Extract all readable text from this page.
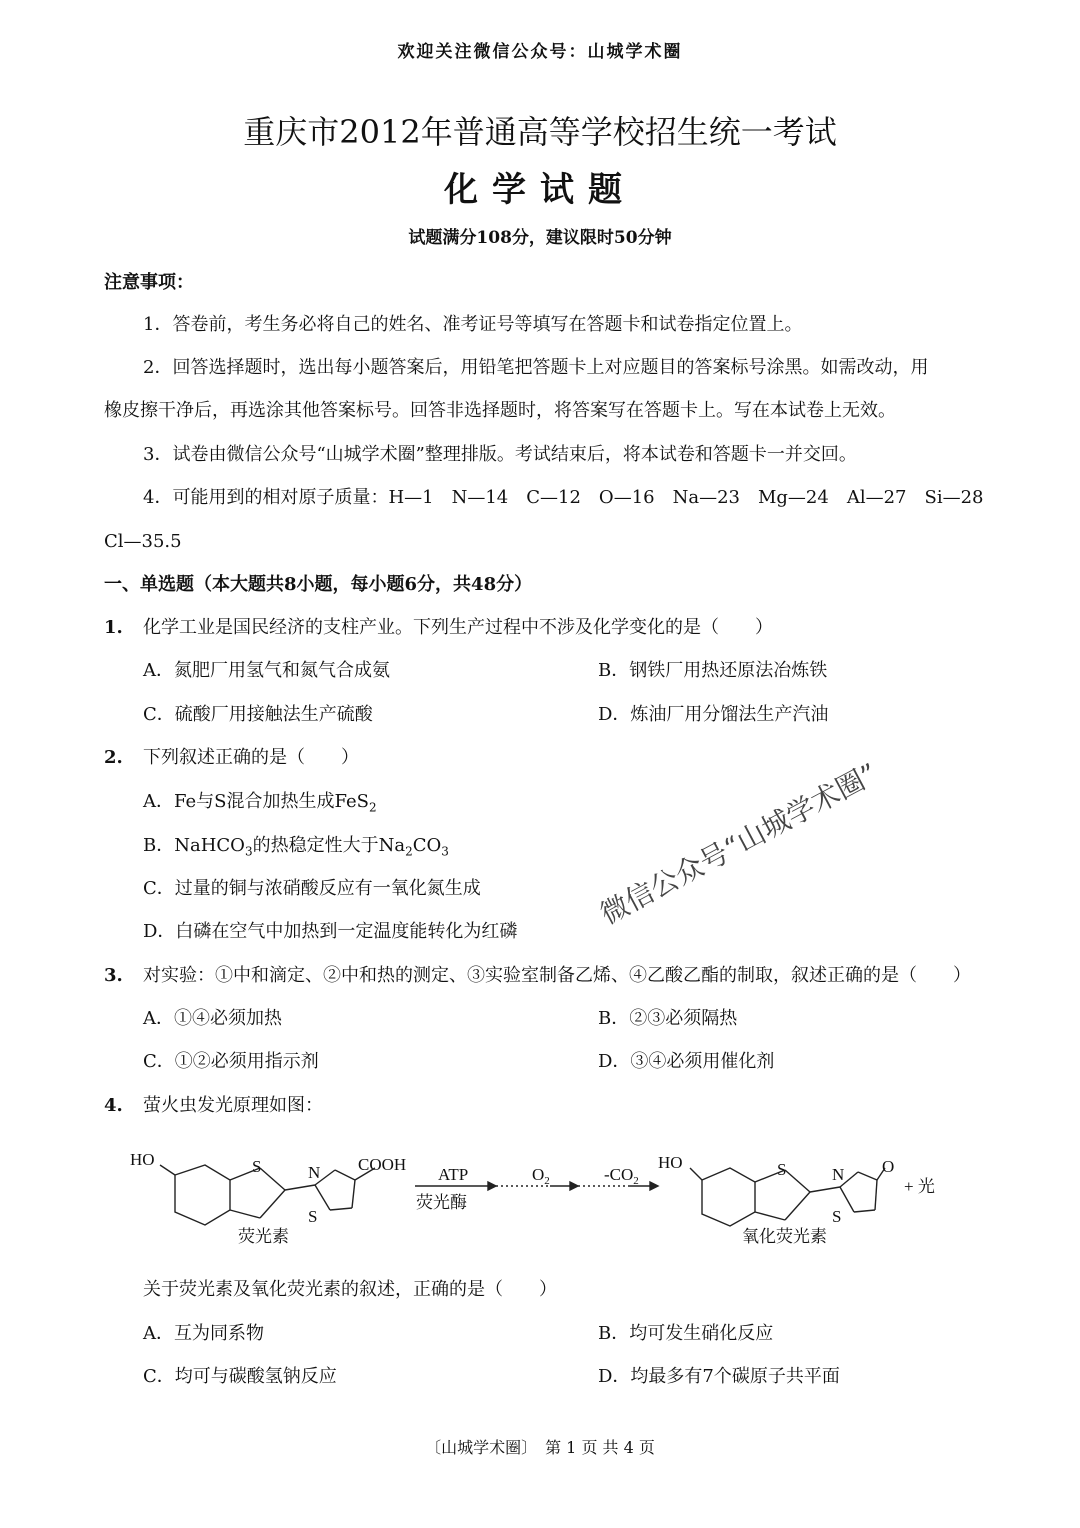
欢迎关注微信公众号：山城学术圈
重庆市2012年普通高等学校招生统一考试
化学试题
试题满分108分，建议限时50分钟
注意事项：
1．答卷前，考生务必将自己的姓名、准考证号等填写在答题卡和试卷指定位置上。
2．回答选择题时，选出每小题答案后，用铅笔把答题卡上对应题目的答案标号涂黑。如需改动，用
橡皮擦干净后，再选涂其他答案标号。回答非选择题时，将答案写在答题卡上。写在本试卷上无效。
3．试卷由微信公众号“山城学术圈”整理排版。考试结束后，将本试卷和答题卡一并交回。
4．可能用到的相对原子质量：H—1　N—14　C—12　O—16　Na—23　Mg—24　Al—27　Si—28
Cl—35.5
一、单选题（本大题共8小题，每小题6分，共48分）
1. 化学工业是国民经济的支柱产业。下列生产过程中不涉及化学变化的是（　　）
A．氮肥厂用氢气和氮气合成氨	B．钢铁厂用热还原法冶炼铁
C．硫酸厂用接触法生产硫酸	D．炼油厂用分馏法生产汽油
2. 下列叙述正确的是（　　）
A．Fe与S混合加热生成FeS$_2$
B．NaHCO$_3$的热稳定性大于$Na_2CO_3$
C．过量的铜与浓硝酸反应有一氧化氮生成
D．白磷在空气中加热到一定温度能转化为红磷
3. 对实验：①中和滴定、②中和热的测定、③实验室制备乙烯、④乙酸乙酯的制取，叙述正确的是（　　）
A．①④必须加热	B．②③必须隔热
C．①②必须用指示剂	D．③④必须用催化剂
4. 萤火虫发光原理如图：
HO	S	N
S
COOH
荧光素
ATP
荧光酶
$O_2$	$-CO_2$
HO	S	N
S
O
+ 光
氧化荧光素
关于荧光素及氧化荧光素的叙述，正确的是（　　）
A．互为同系物	B．均可发生硝化反应
C．均可与碳酸氢钠反应	D．均最多有7个碳原子共平面
微信公众号“山城学术圈”
〔山城学术圈〕　第 1 页 共 4 页
